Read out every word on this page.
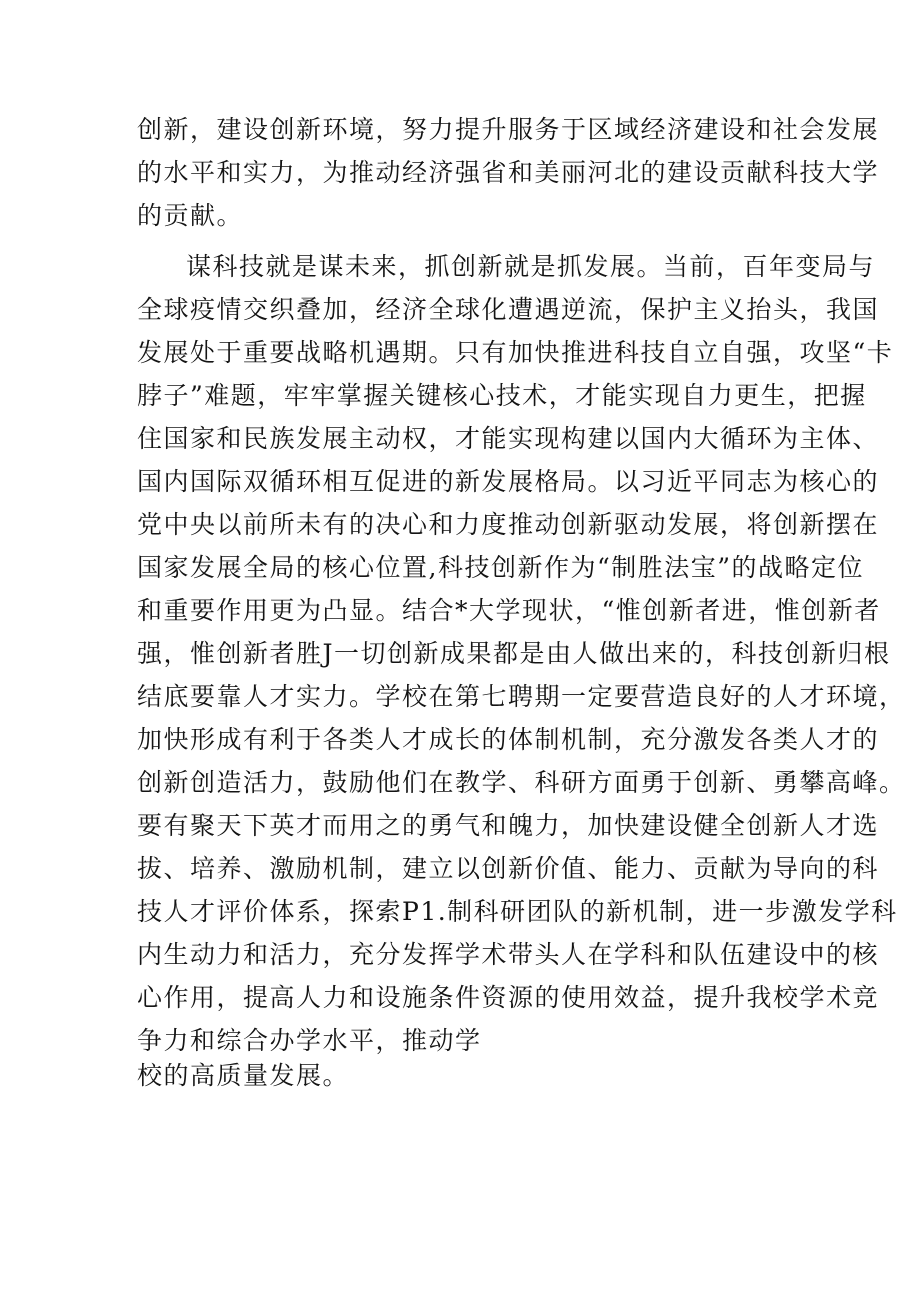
创新，建设创新环境，努力提升服务于区域经济建设和社会发展

的水平和实力，为推动经济强省和美丽河北的建设贡献科技大学

的贡献。

谋科技就是谋未来，抓创新就是抓发展。当前，百年变局与

全球疫情交织叠加，经济全球化遭遇逆流，保护主义抬头，我国

发展处于重要战略机遇期。只有加快推进科技自立自强，攻坚“卡

脖子”难题，牢牢掌握关键核心技术，才能实现自力更生，把握

住国家和民族发展主动权，才能实现构建以国内大循环为主体、

国内国际双循环相互促进的新发展格局。以习近平同志为核心的

党中央以前所未有的决心和力度推动创新驱动发展，将创新摆在

国家发展全局的核心位置,科技创新作为“制胜法宝”的战略定位

和重要作用更为凸显。结合*大学现状，“惟创新者进，惟创新者

强，惟创新者胜J一切创新成果都是由人做出来的，科技创新归根

结底要靠人才实力。学校在第七聘期一定要营造良好的人才环境，

加快形成有利于各类人才成长的体制机制，充分激发各类人才的

创新创造活力，鼓励他们在教学、科研方面勇于创新、勇攀高峰。

要有聚天下英才而用之的勇气和魄力，加快建设健全创新人才选

拔、培养、激励机制，建立以创新价值、能力、贡献为导向的科

技人才评价体系，探索P1.制科研团队的新机制，进一步激发学科

内生动力和活力，充分发挥学术带头人在学科和队伍建设中的核

心作用，提高人力和设施条件资源的使用效益，提升我校学术竞

争力和综合办学水平，推动学

校的高质量发展。
